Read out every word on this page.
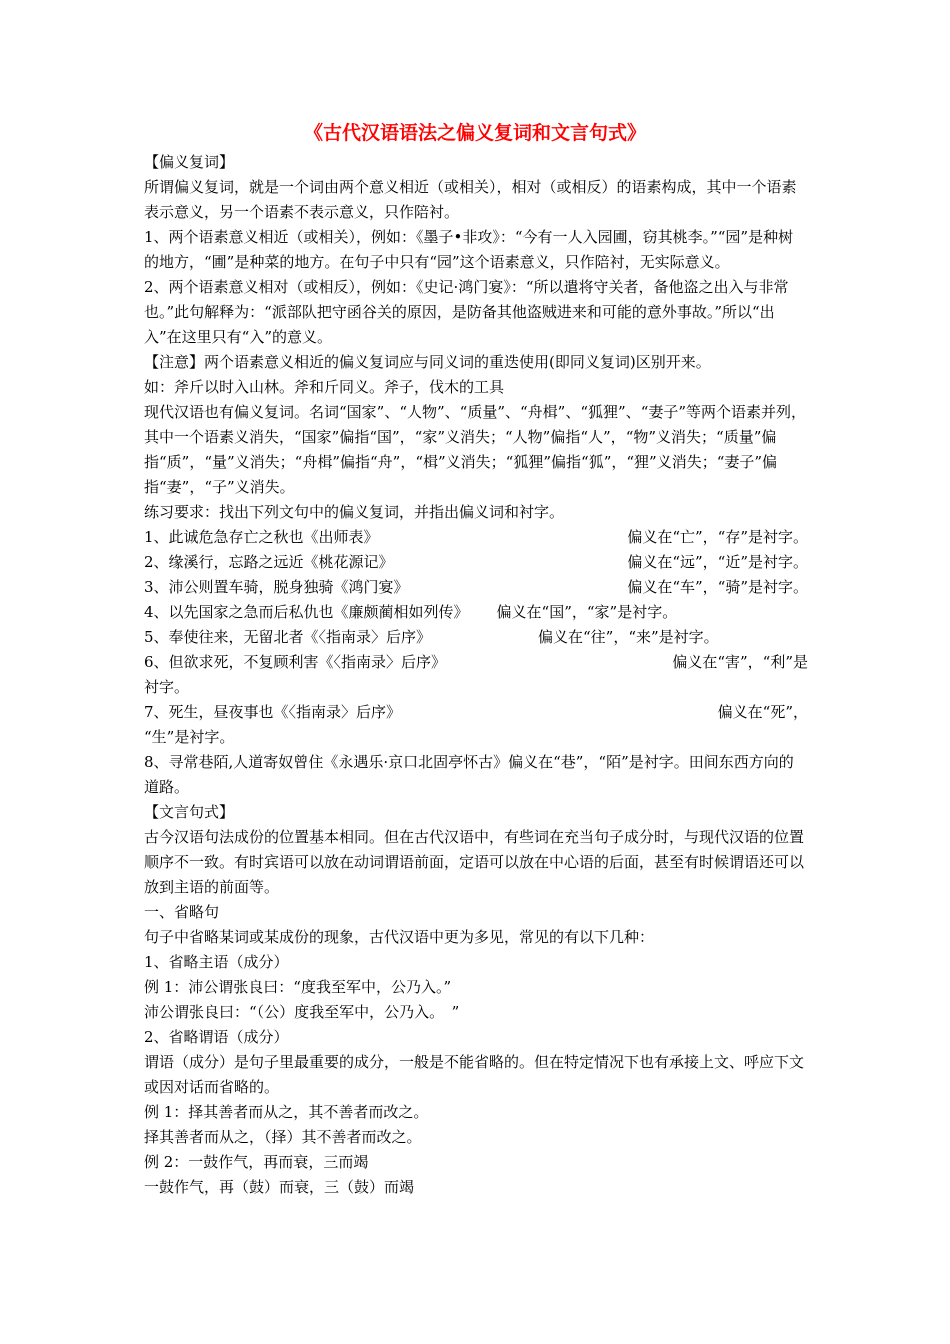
《古代汉语语法之偏义复词和文言句式》

【偏义复词】

所谓偏义复词，就是一个词由两个意义相近（或相关），相对（或相反）的语素构成，其中一个语素表示意义，另一个语素不表示意义，只作陪衬。

1、两个语素意义相近（或相关），例如：《墨子•非攻》：“今有一人入园圃，窃其桃李。”“园”是种树的地方，“圃”是种菜的地方。在句子中只有“园”这个语素意义，只作陪衬，无实际意义。

2、两个语素意义相对（或相反），例如：《史记·鸿门宴》：“所以遣将守关者，备他盗之出入与非常也。”此句解释为：“派部队把守函谷关的原因，是防备其他盗贼进来和可能的意外事故。”所以“出入”在这里只有“入”的意义。

【注意】两个语素意义相近的偏义复词应与同义词的重迭使用(即同义复词)区别开来。

如：斧斤以时入山林。斧和斤同义。斧子，伐木的工具

现代汉语也有偏义复词。名词“国家”、“人物”、“质量”、“舟楫”、“狐狸”、“妻子”等两个语素并列，其中一个语素义消失，“国家”偏指“国”，“家”义消失；“人物”偏指“人”，“物”义消失；“质量”偏指“质”，“量”义消失；“舟楫”偏指“舟”，“楫”义消失；“狐狸”偏指“狐”，“狸”义消失；“妻子”偏指“妻”，“子”义消失。

练习要求：找出下列文句中的偏义复词，并指出偏义词和衬字。

1、此诚危急存亡之秋也《出师表》	偏义在“亡”，“存”是衬字。
2、缘溪行，忘路之远近《桃花源记》	偏义在“远”，“近”是衬字。
3、沛公则置车骑，脱身独骑《鸿门宴》	偏义在“车”，“骑”是衬字。
4、以先国家之急而后私仇也《廉颇蔺相如列传》 偏义在“国”，“家”是衬字。
5、奉使往来，无留北者《〈指南录〉后序》	偏义在“往”，“来”是衬字。
6、但欲求死，不复顾利害《〈指南录〉后序》	偏义在“害”，“利”是

衬字。

7、死生，昼夜事也《〈指南录〉后序》	偏义在“死”，

“生”是衬字。

8、寻常巷陌,人道寄奴曾住《永遇乐·京口北固亭怀古》偏义在“巷”，“陌”是衬字。田间东西方向的道路。

【文言句式】

古今汉语句法成份的位置基本相同。但在古代汉语中，有些词在充当句子成分时，与现代汉语的位置顺序不一致。有时宾语可以放在动词谓语前面，定语可以放在中心语的后面，甚至有时候谓语还可以放到主语的前面等。

一、省略句

句子中省略某词或某成份的现象，古代汉语中更为多见，常见的有以下几种：

1、省略主语（成分）

例 1：沛公谓张良曰：“度我至军中，公乃入。”

沛公谓张良曰：“（公）度我至军中，公乃入。　”

2、省略谓语（成分）

谓语（成分）是句子里最重要的成分，一般是不能省略的。但在特定情况下也有承接上文、呼应下文或因对话而省略的。

例 1：择其善者而从之，其不善者而改之。

择其善者而从之，（择）其不善者而改之。

例 2：一鼓作气，再而衰，三而竭

一鼓作气，再（鼓）而衰，三（鼓）而竭
